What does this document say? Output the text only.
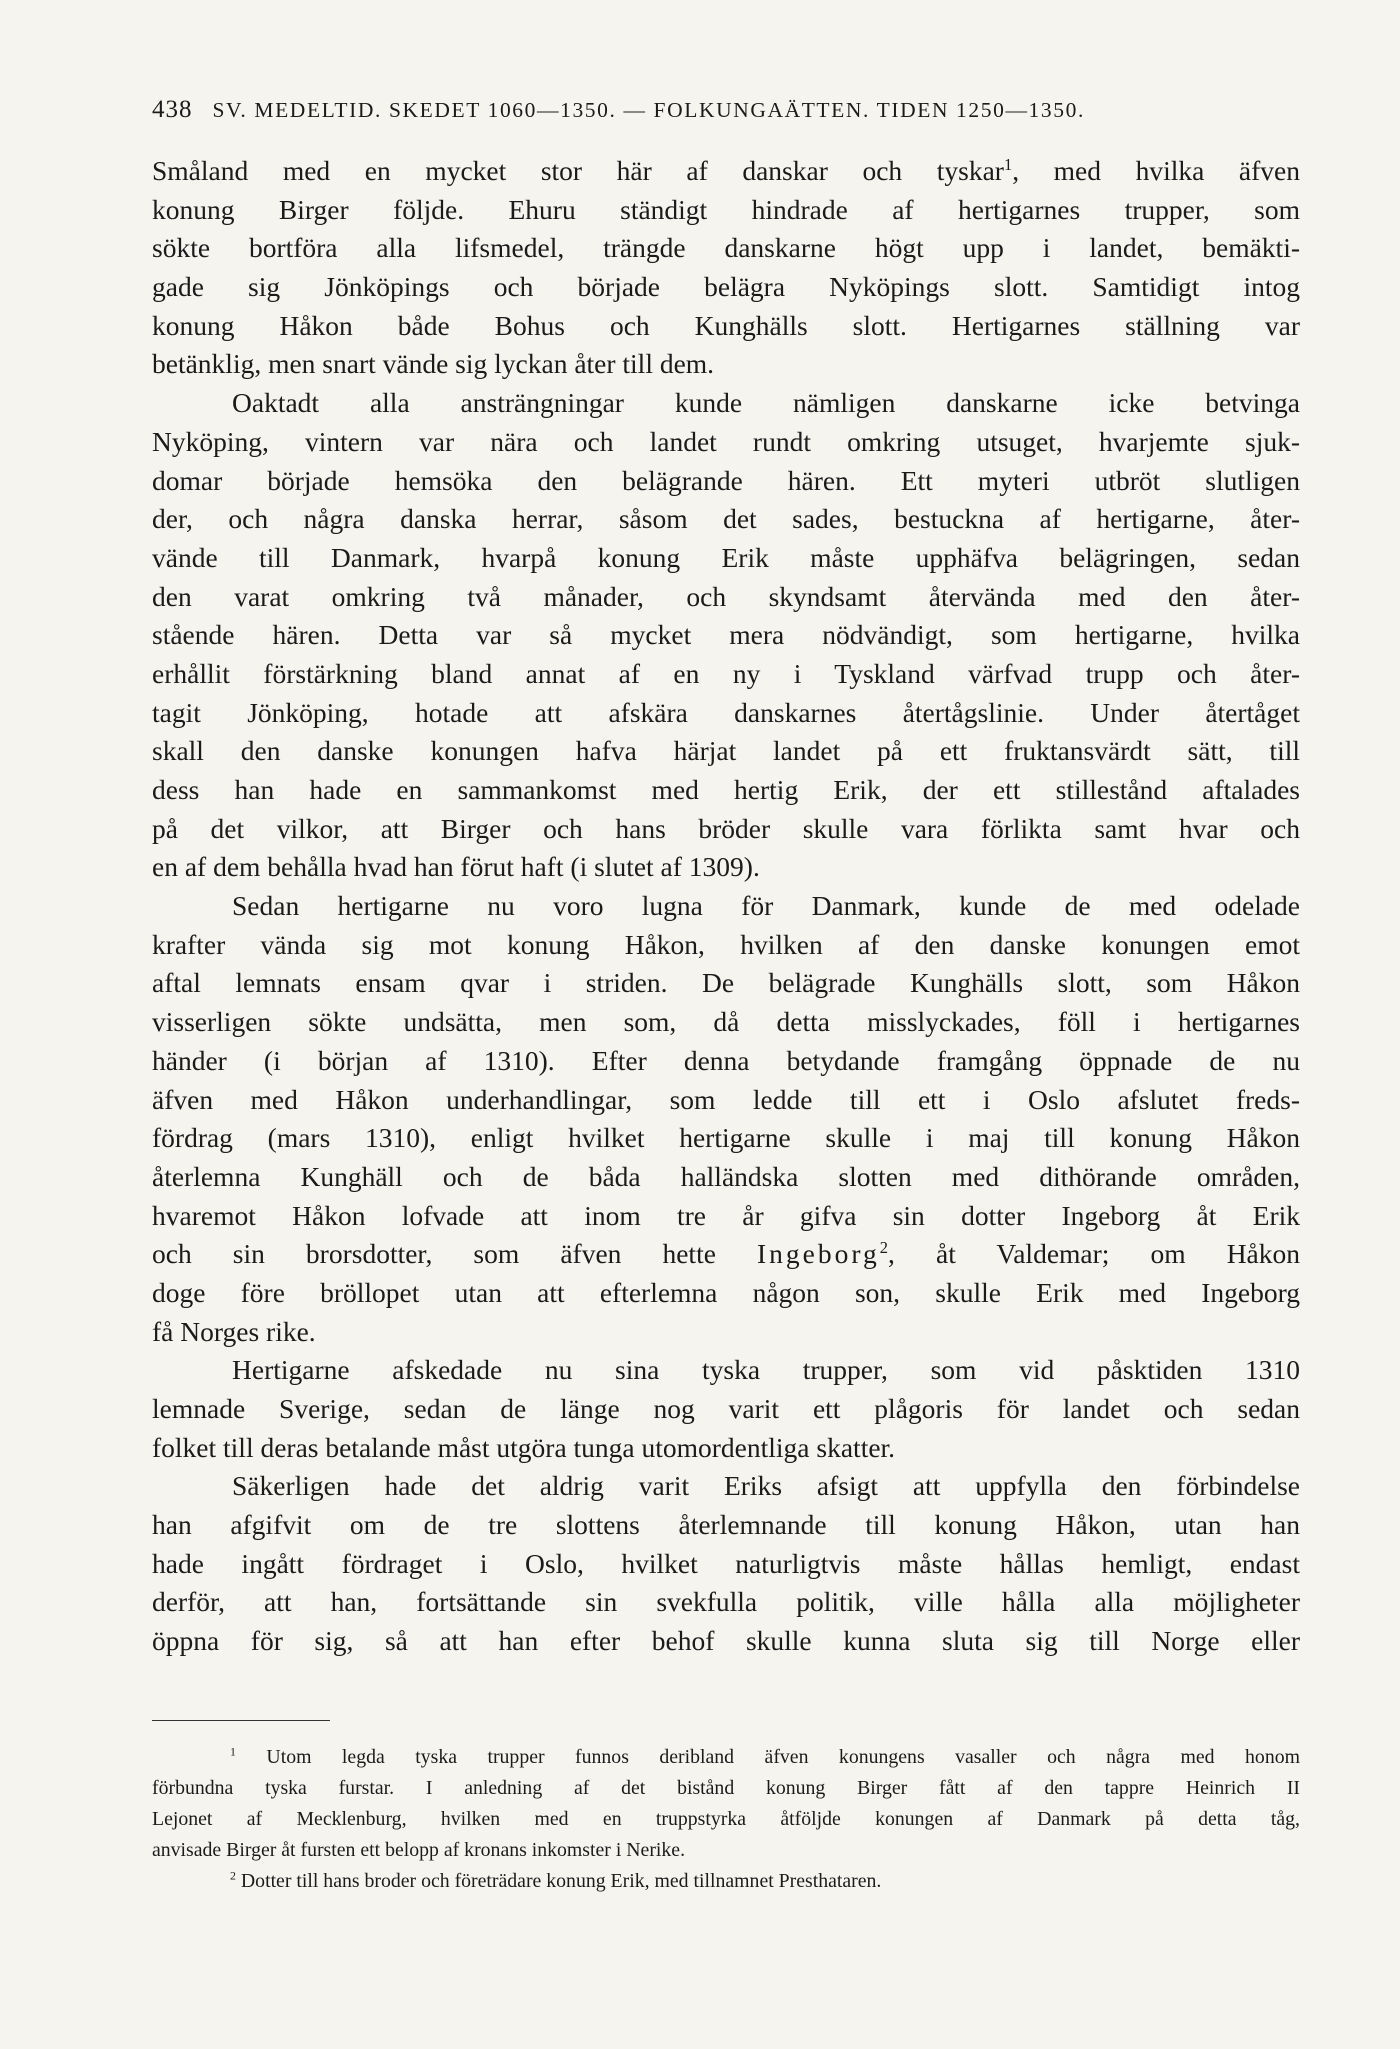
438 SV. MEDELTID. SKEDET 1060—1350. — FOLKUNGAÄTTEN. TIDEN 1250—1350.
Småland med en mycket stor här af danskar och tyskar$^1$, med hvilka äfven
konung Birger följde. Ehuru ständigt hindrade af hertigarnes trupper, som
sökte bortföra alla lifsmedel, trängde danskarne högt upp i landet, bemäkti-
gade sig Jönköpings och började belägra Nyköpings slott. Samtidigt intog
konung Håkon både Bohus och Kunghälls slott. Hertigarnes ställning var
betänklig, men snart vände sig lyckan åter till dem.
Oaktadt alla ansträngningar kunde nämligen danskarne icke betvinga
Nyköping, vintern var nära och landet rundt omkring utsuget, hvarjemte sjuk-
domar började hemsöka den belägrande hären. Ett myteri utbröt slutligen
der, och några danska herrar, såsom det sades, bestuckna af hertigarne, åter-
vände till Danmark, hvarpå konung Erik måste upphäfva belägringen, sedan
den varat omkring två månader, och skyndsamt återvända med den åter-
stående hären. Detta var så mycket mera nödvändigt, som hertigarne, hvilka
erhållit förstärkning bland annat af en ny i Tyskland värfvad trupp och åter-
tagit Jönköping, hotade att afskära danskarnes återtågslinie. Under återtåget
skall den danske konungen hafva härjat landet på ett fruktansvärdt sätt, till
dess han hade en sammankomst med hertig Erik, der ett stillestånd aftalades
på det vilkor, att Birger och hans bröder skulle vara förlikta samt hvar och
en af dem behålla hvad han förut haft (i slutet af 1309).
Sedan hertigarne nu voro lugna för Danmark, kunde de med odelade
krafter vända sig mot konung Håkon, hvilken af den danske konungen emot
aftal lemnats ensam qvar i striden. De belägrade Kunghälls slott, som Håkon
visserligen sökte undsätta, men som, då detta misslyckades, föll i hertigarnes
händer (i början af 1310). Efter denna betydande framgång öppnade de nu
äfven med Håkon underhandlingar, som ledde till ett i Oslo afslutet freds-
fördrag (mars 1310), enligt hvilket hertigarne skulle i maj till konung Håkon
återlemna Kunghäll och de båda halländska slotten med dithörande områden,
hvaremot Håkon lofvade att inom tre år gifva sin dotter Ingeborg åt Erik
och sin brorsdotter, som äfven hette Ingeborg$^2$, åt Valdemar; om Håkon
doge före bröllopet utan att efterlemna någon son, skulle Erik med Ingeborg
få Norges rike.
Hertigarne afskedade nu sina tyska trupper, som vid påsktiden 1310
lemnade Sverige, sedan de länge nog varit ett plågoris för landet och sedan
folket till deras betalande måst utgöra tunga utomordentliga skatter.
Säkerligen hade det aldrig varit Eriks afsigt att uppfylla den förbindelse
han afgifvit om de tre slottens återlemnande till konung Håkon, utan han
hade ingått fördraget i Oslo, hvilket naturligtvis måste hållas hemligt, endast
derför, att han, fortsättande sin svekfulla politik, ville hålla alla möjligheter
öppna för sig, så att han efter behof skulle kunna sluta sig till Norge eller
$^1$ Utom legda tyska trupper funnos deribland äfven konungens vasaller och några med honom
förbundna tyska furstar. I anledning af det bistånd konung Birger fått af den tappre Heinrich II
Lejonet af Mecklenburg, hvilken med en truppstyrka åtföljde konungen af Danmark på detta tåg,
anvisade Birger åt fursten ett belopp af kronans inkomster i Nerike.
$^2$ Dotter till hans broder och företrädare konung Erik, med tillnamnet Presthataren.
